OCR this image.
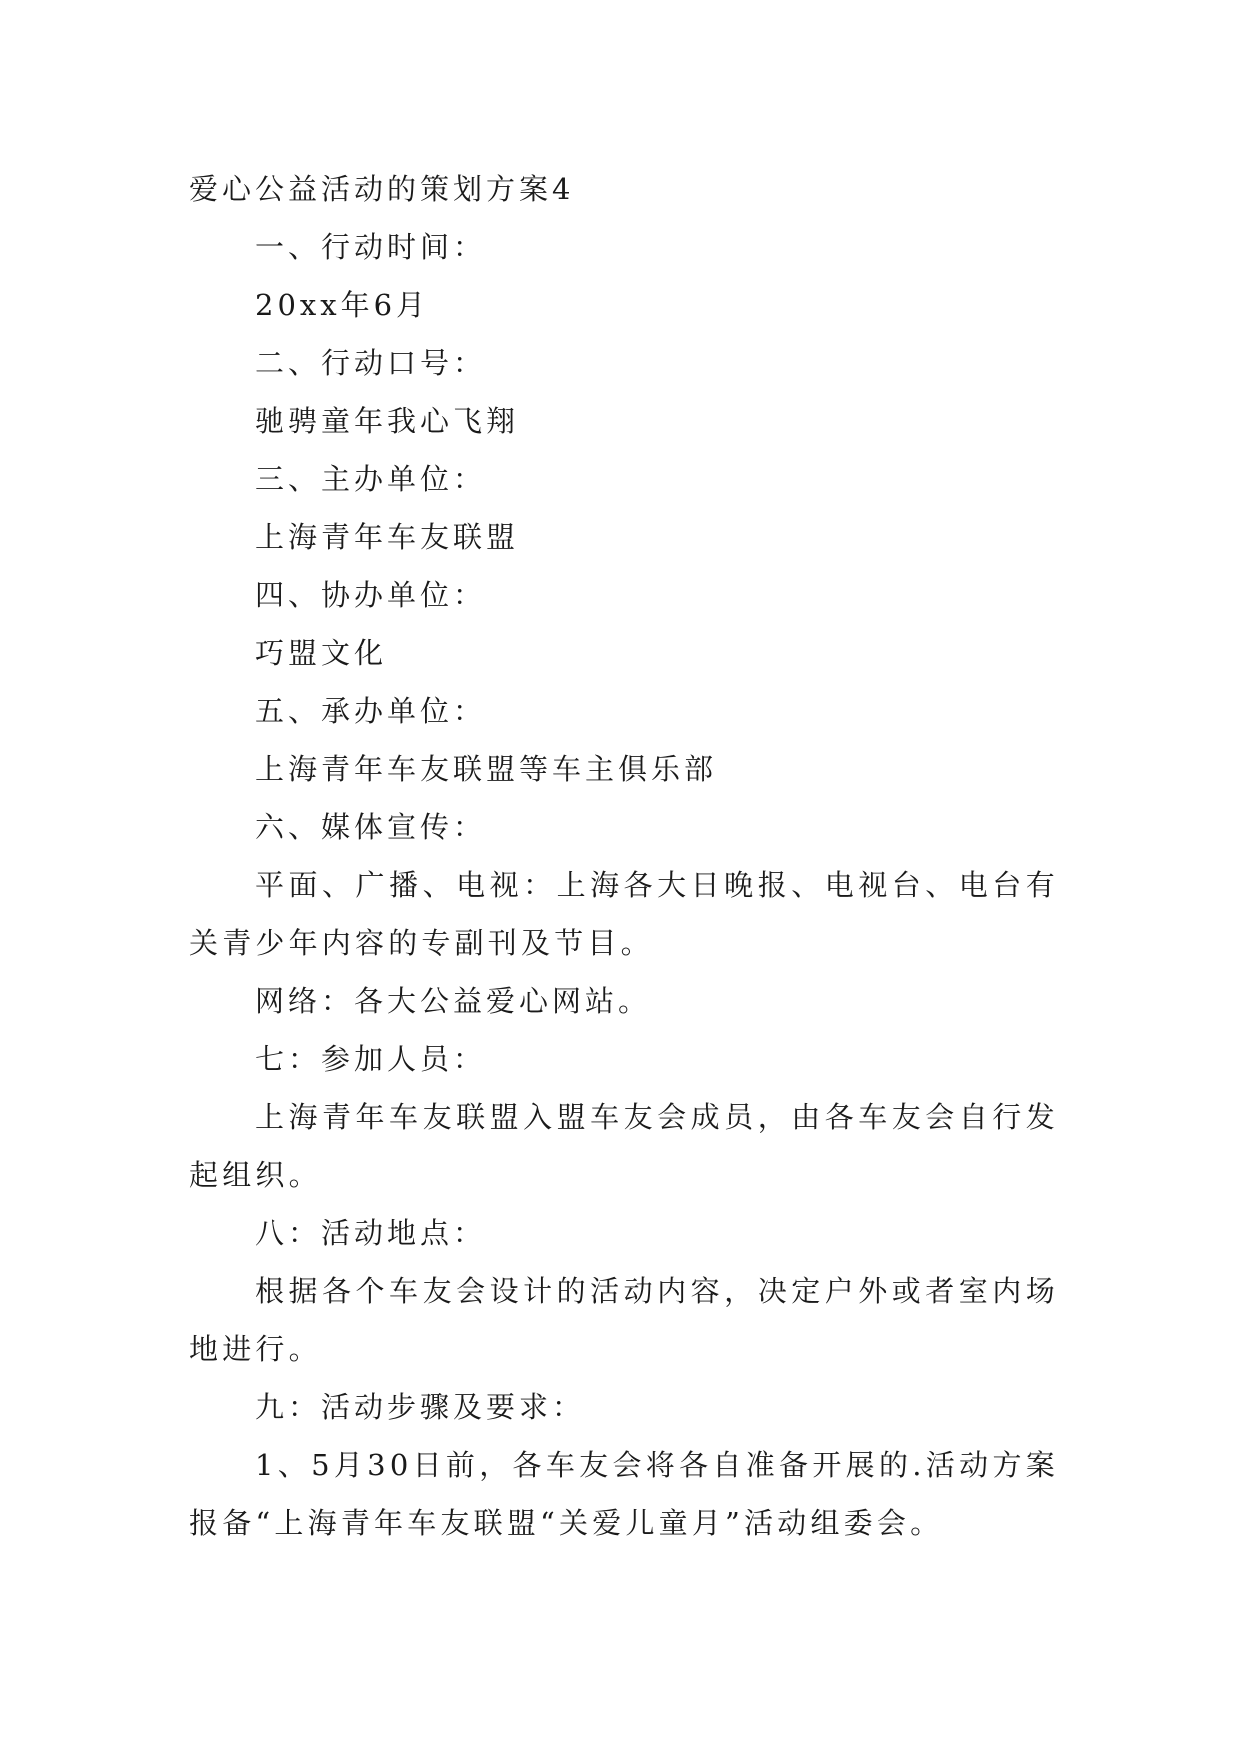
爱心公益活动的策划方案4

一、行动时间：

20xx年6月

二、行动口号：

驰骋童年我心飞翔

三、主办单位：

上海青年车友联盟

四、协办单位：

巧盟文化

五、承办单位：

上海青年车友联盟等车主俱乐部

六、媒体宣传：

平面、广播、电视：上海各大日晚报、电视台、电台有关青少年内容的专副刊及节目。

网络：各大公益爱心网站。

七：参加人员：

上海青年车友联盟入盟车友会成员，由各车友会自行发起组织。

八：活动地点：

根据各个车友会设计的活动内容，决定户外或者室内场地进行。

九：活动步骤及要求：

1、5月30日前，各车友会将各自准备开展的.活动方案报备“上海青年车友联盟“关爱儿童月”活动组委会。
